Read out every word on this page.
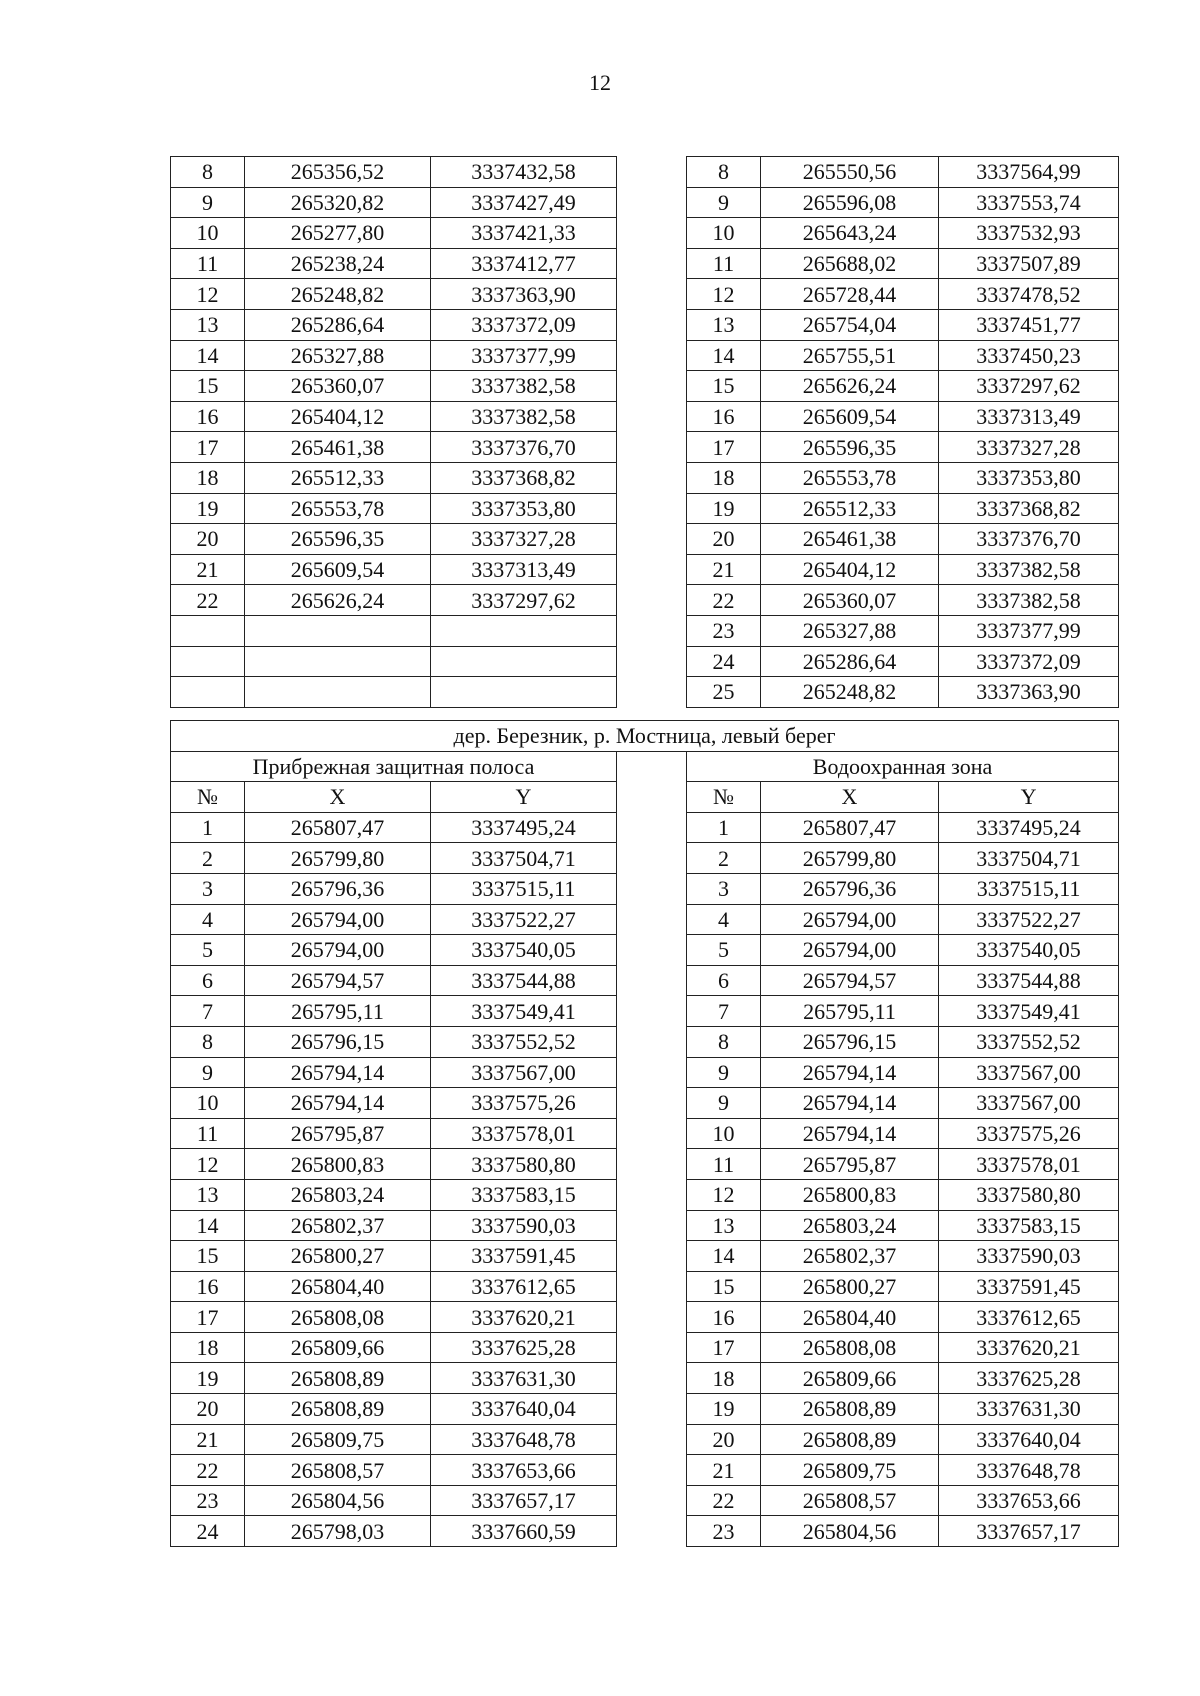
12
8	265356,52	3337432,58		8	265550,56	3337564,99
9	265320,82	3337427,49		9	265596,08	3337553,74
10	265277,80	3337421,33		10	265643,24	3337532,93
11	265238,24	3337412,77		11	265688,02	3337507,89
12	265248,82	3337363,90		12	265728,44	3337478,52
13	265286,64	3337372,09		13	265754,04	3337451,77
14	265327,88	3337377,99		14	265755,51	3337450,23
15	265360,07	3337382,58		15	265626,24	3337297,62
16	265404,12	3337382,58		16	265609,54	3337313,49
17	265461,38	3337376,70		17	265596,35	3337327,28
18	265512,33	3337368,82		18	265553,78	3337353,80
19	265553,78	3337353,80		19	265512,33	3337368,82
20	265596,35	3337327,28		20	265461,38	3337376,70
21	265609,54	3337313,49		21	265404,12	3337382,58
22	265626,24	3337297,62		22	265360,07	3337382,58
				23	265327,88	3337377,99
				24	265286,64	3337372,09
				25	265248,82	3337363,90
дер. Березник, р. Мостница, левый берег						
Прибрежная защитная полоса				Водоохранная зона		
№	X	Y		№	X	Y
1	265807,47	3337495,24		1	265807,47	3337495,24
2	265799,80	3337504,71		2	265799,80	3337504,71
3	265796,36	3337515,11		3	265796,36	3337515,11
4	265794,00	3337522,27		4	265794,00	3337522,27
5	265794,00	3337540,05		5	265794,00	3337540,05
6	265794,57	3337544,88		6	265794,57	3337544,88
7	265795,11	3337549,41		7	265795,11	3337549,41
8	265796,15	3337552,52		8	265796,15	3337552,52
9	265794,14	3337567,00		9	265794,14	3337567,00
10	265794,14	3337575,26		9	265794,14	3337567,00
11	265795,87	3337578,01		10	265794,14	3337575,26
12	265800,83	3337580,80		11	265795,87	3337578,01
13	265803,24	3337583,15		12	265800,83	3337580,80
14	265802,37	3337590,03		13	265803,24	3337583,15
15	265800,27	3337591,45		14	265802,37	3337590,03
16	265804,40	3337612,65		15	265800,27	3337591,45
17	265808,08	3337620,21		16	265804,40	3337612,65
18	265809,66	3337625,28		17	265808,08	3337620,21
19	265808,89	3337631,30		18	265809,66	3337625,28
20	265808,89	3337640,04		19	265808,89	3337631,30
21	265809,75	3337648,78		20	265808,89	3337640,04
22	265808,57	3337653,66		21	265809,75	3337648,78
23	265804,56	3337657,17		22	265808,57	3337653,66
24	265798,03	3337660,59		23	265804,56	3337657,17
